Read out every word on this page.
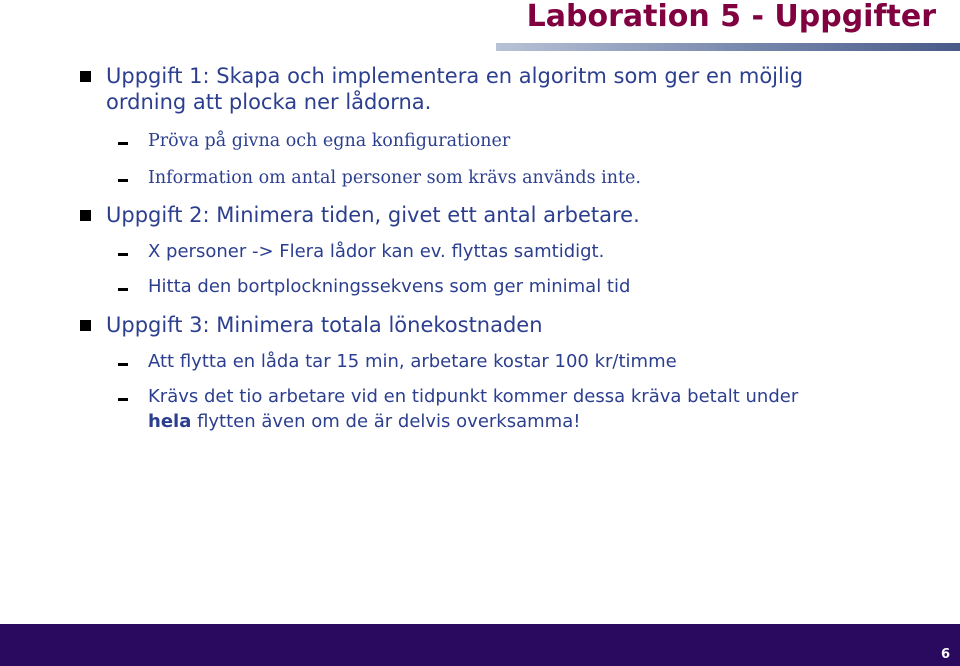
Laboration 5 - Uppgifter
Uppgift 1: Skapa och implementera en algoritm som ger en möjlig
ordning att plocka ner lådorna.
Pröva på givna och egna konfigurationer
Information om antal personer som krävs används inte.
Uppgift 2: Minimera tiden, givet ett antal arbetare.
X personer -> Flera lådor kan ev. flyttas samtidigt.
Hitta den bortplockningssekvens som ger minimal tid
Uppgift 3: Minimera totala lönekostnaden
Att flytta en låda tar 15 min, arbetare kostar 100 kr/timme
Krävs det tio arbetare vid en tidpunkt kommer dessa kräva betalt under
hela flytten även om de är delvis overksamma!
6
